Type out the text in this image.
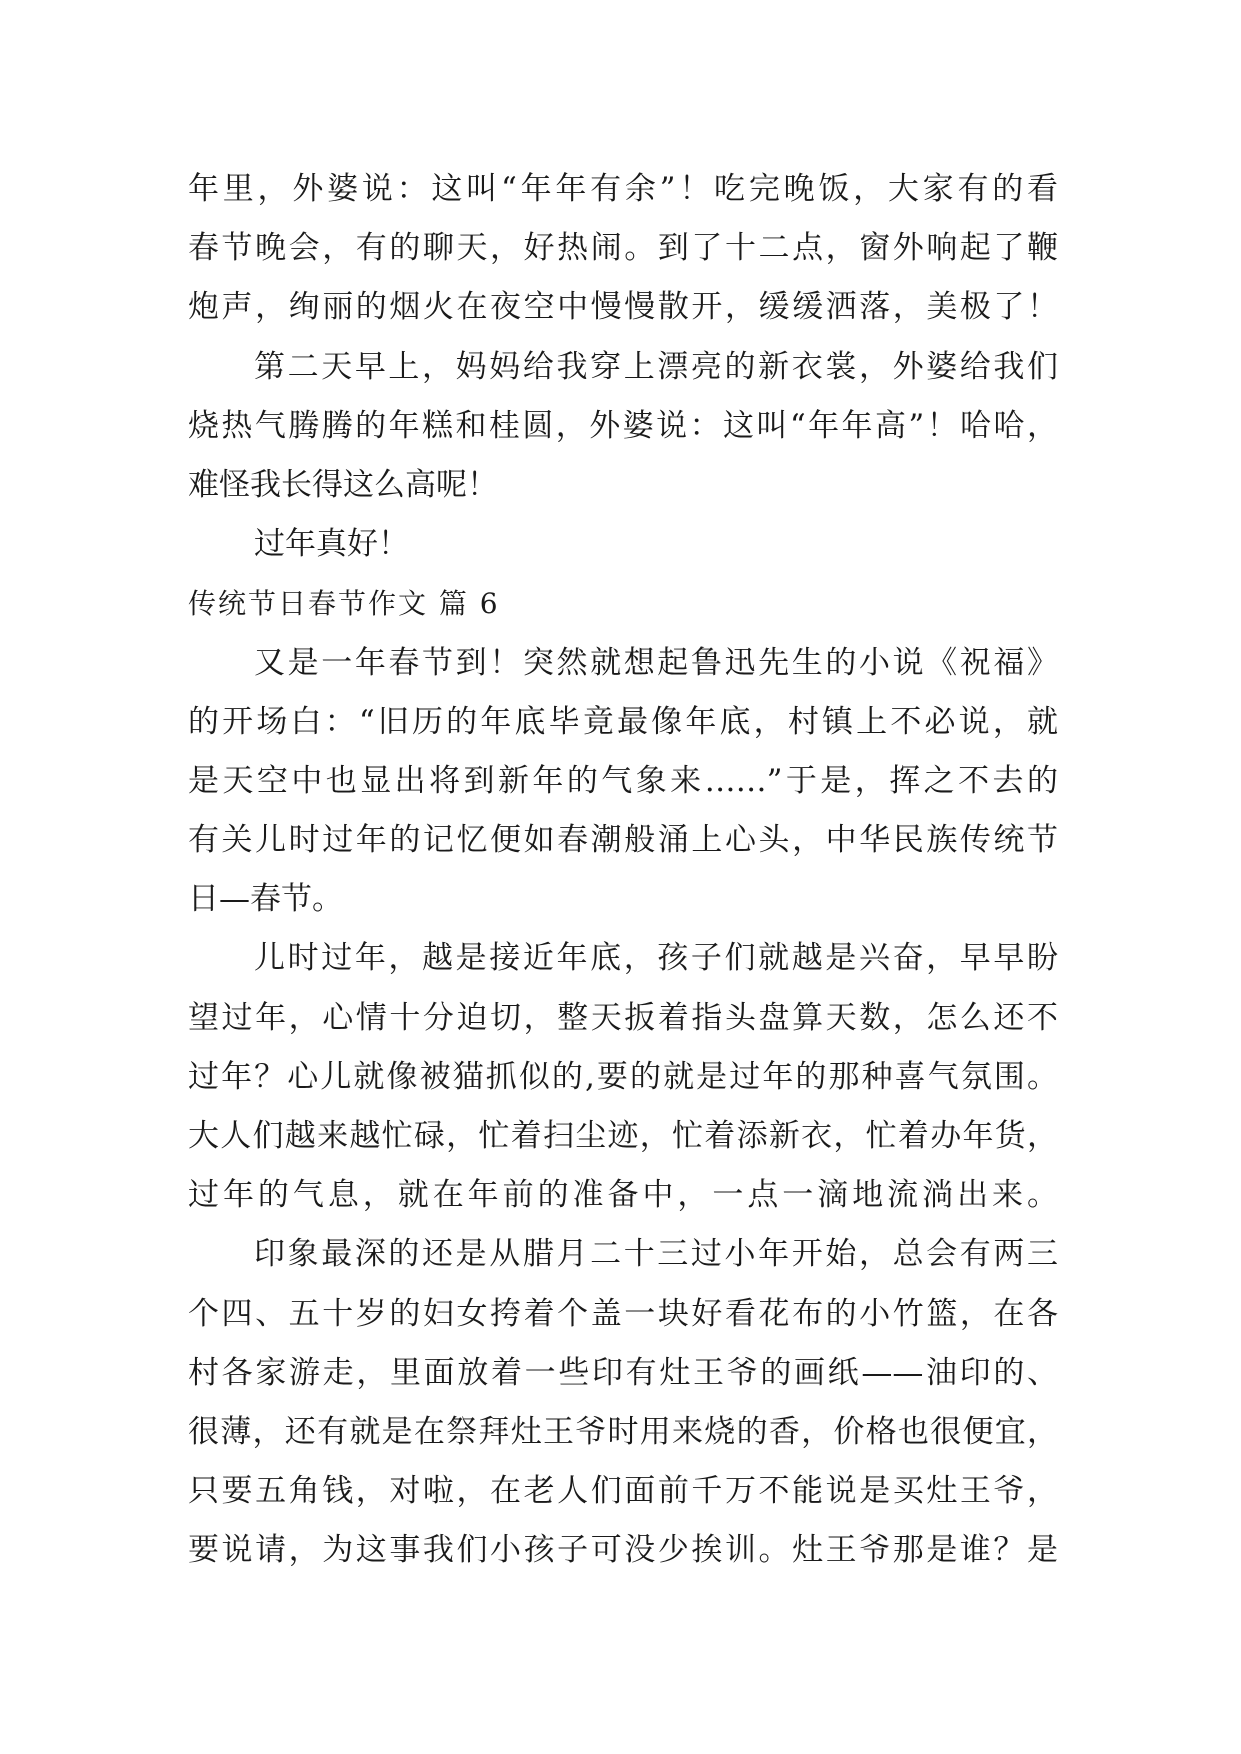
年里，外婆说：这叫“年年有余”！吃完晚饭，大家有的看
春节晚会，有的聊天，好热闹。到了十二点，窗外响起了鞭
炮声，绚丽的烟火在夜空中慢慢散开，缓缓洒落，美极了！
第二天早上，妈妈给我穿上漂亮的新衣裳，外婆给我们
烧热气腾腾的年糕和桂圆，外婆说：这叫“年年高”！哈哈，
难怪我长得这么高呢！
过年真好！
传统节日春节作文 篇 6
又是一年春节到！突然就想起鲁迅先生的小说《祝福》
的开场白：“旧历的年底毕竟最像年底，村镇上不必说，就
是天空中也显出将到新年的气象来……”于是，挥之不去的
有关儿时过年的记忆便如春潮般涌上心头，中华民族传统节
日—春节。
儿时过年，越是接近年底，孩子们就越是兴奋，早早盼
望过年，心情十分迫切，整天扳着指头盘算天数，怎么还不
过年？心儿就像被猫抓似的,要的就是过年的那种喜气氛围。
大人们越来越忙碌，忙着扫尘迹，忙着添新衣，忙着办年货，
过年的气息，就在年前的准备中，一点一滴地流淌出来。
印象最深的还是从腊月二十三过小年开始，总会有两三
个四、五十岁的妇女挎着个盖一块好看花布的小竹篮，在各
村各家游走，里面放着一些印有灶王爷的画纸——油印的、
很薄，还有就是在祭拜灶王爷时用来烧的香，价格也很便宜，
只要五角钱，对啦，在老人们面前千万不能说是买灶王爷，
要说请，为这事我们小孩子可没少挨训。灶王爷那是谁？是
